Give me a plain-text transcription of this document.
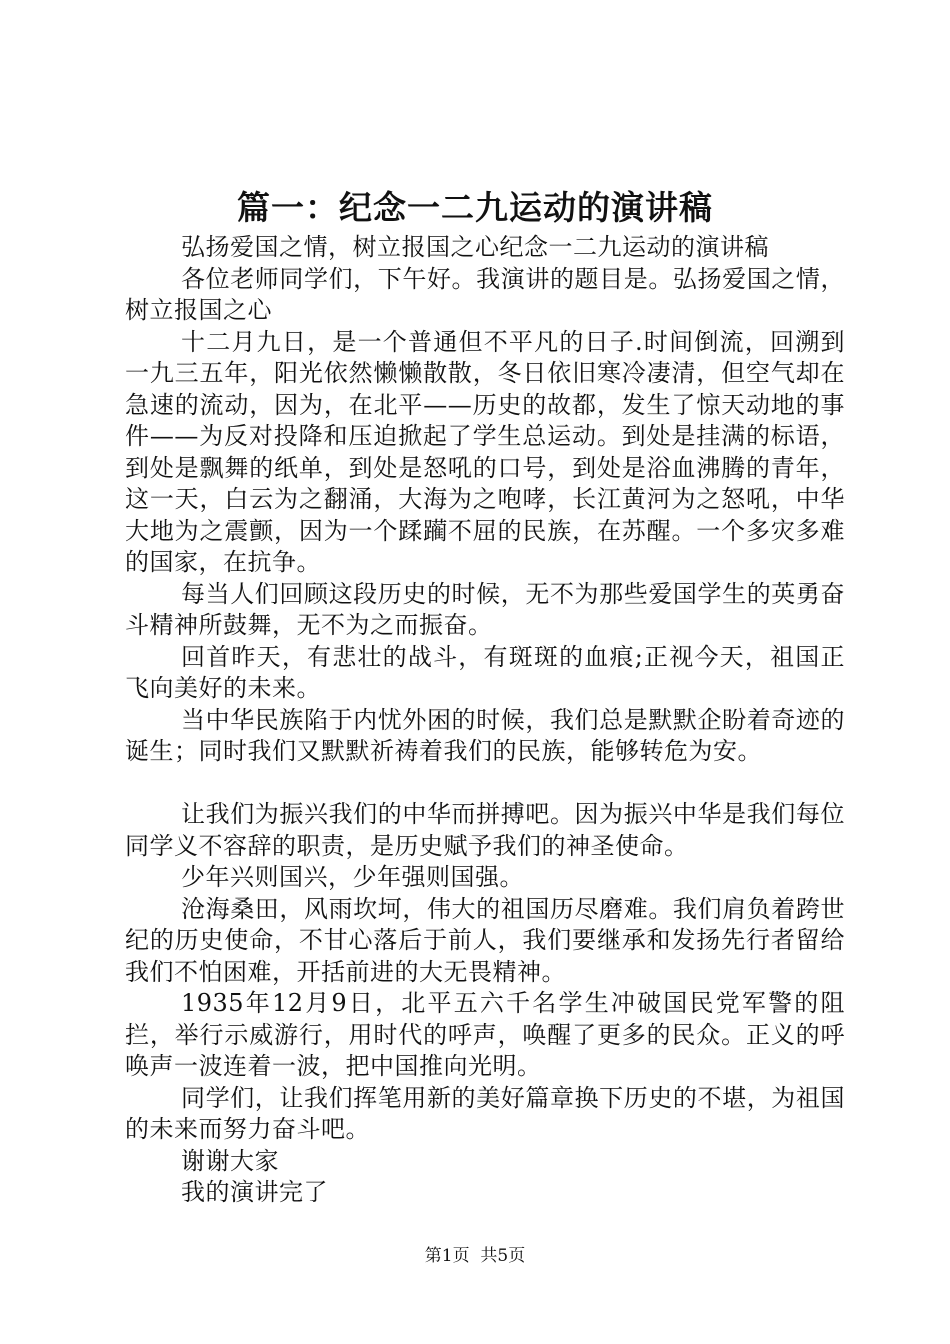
篇一：纪念一二九运动的演讲稿

弘扬爱国之情，树立报国之心纪念一二九运动的演讲稿

各位老师同学们，下午好。我演讲的题目是。弘扬爱国之情，树立报国之心

十二月九日，是一个普通但不平凡的日子.时间倒流，回溯到一九三五年，阳光依然懒懒散散，冬日依旧寒冷凄清，但空气却在急速的流动，因为，在北平——历史的故都，发生了惊天动地的事件——为反对投降和压迫掀起了学生总运动。到处是挂满的标语，到处是飘舞的纸单，到处是怒吼的口号，到处是浴血沸腾的青年，这一天，白云为之翻涌，大海为之咆哮，长江黄河为之怒吼，中华大地为之震颤，因为一个蹂躏不屈的民族，在苏醒。一个多灾多难的国家，在抗争。

每当人们回顾这段历史的时候，无不为那些爱国学生的英勇奋斗精神所鼓舞，无不为之而振奋。

回首昨天，有悲壮的战斗，有斑斑的血痕;正视今天，祖国正飞向美好的未来。

当中华民族陷于内忧外困的时候，我们总是默默企盼着奇迹的诞生；同时我们又默默祈祷着我们的民族，能够转危为安。

让我们为振兴我们的中华而拼搏吧。因为振兴中华是我们每位同学义不容辞的职责，是历史赋予我们的神圣使命。

少年兴则国兴，少年强则国强。

沧海桑田，风雨坎坷，伟大的祖国历尽磨难。我们肩负着跨世纪的历史使命，不甘心落后于前人，我们要继承和发扬先行者留给我们不怕困难，开括前进的大无畏精神。

1935年12月9日，北平五六千名学生冲破国民党军警的阻拦，举行示威游行，用时代的呼声，唤醒了更多的民众。正义的呼唤声一波连着一波，把中国推向光明。

同学们，让我们挥笔用新的美好篇章换下历史的不堪，为祖国的未来而努力奋斗吧。

谢谢大家

我的演讲完了

第1页 共5页
